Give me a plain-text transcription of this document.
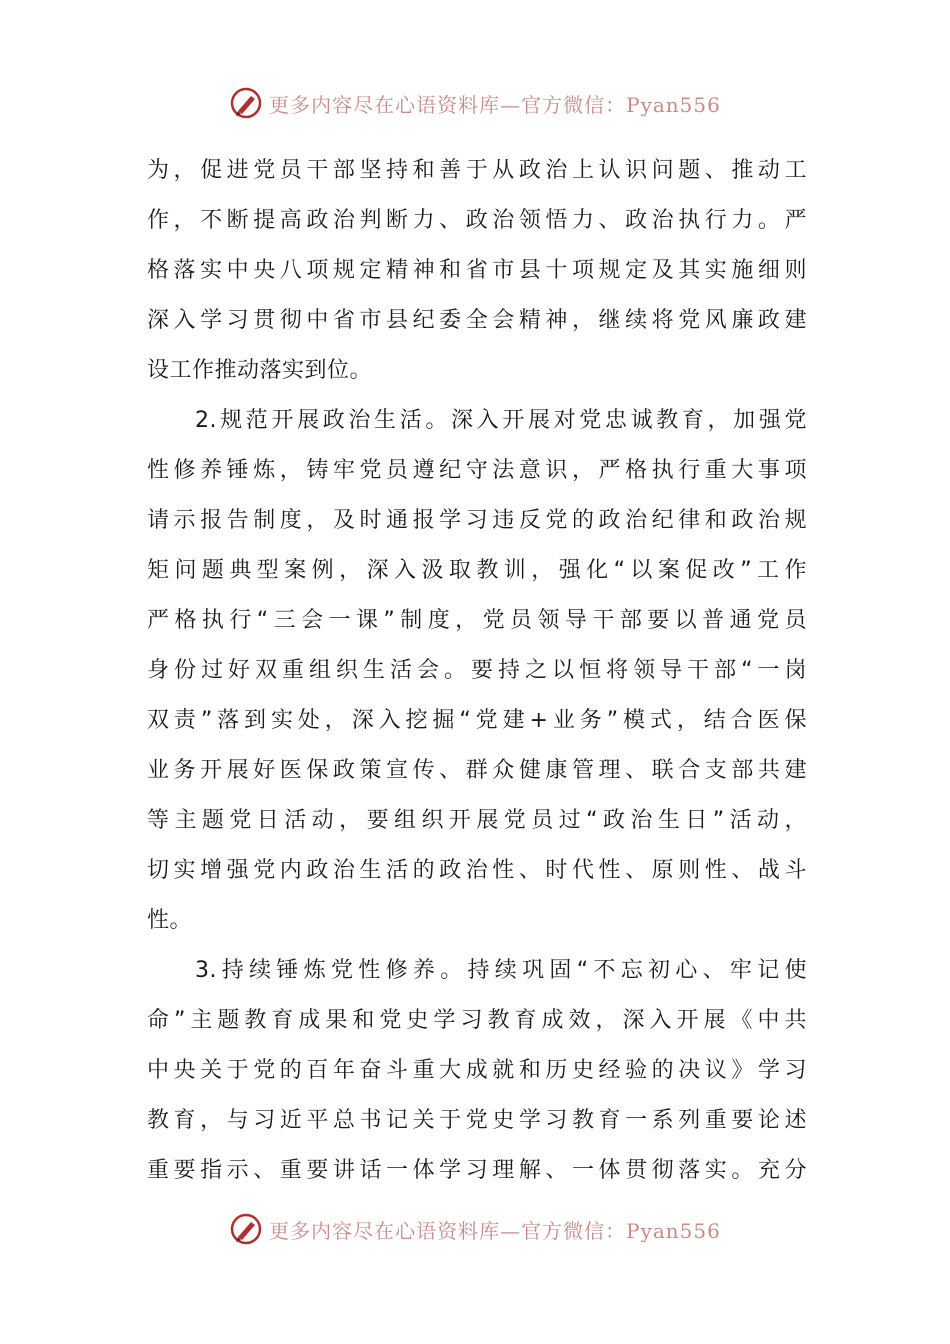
更多内容尽在心语资料库—官方微信：Pyan556
为，促进党员干部坚持和善于从政治上认识问题、推动工
作，不断提高政治判断力、政治领悟力、政治执行力。严
格落实中央八项规定精神和省市县十项规定及其实施细则
深入学习贯彻中省市县纪委全会精神，继续将党风廉政建
设工作推动落实到位。
2.规范开展政治生活。深入开展对党忠诚教育，加强党
性修养锤炼，铸牢党员遵纪守法意识，严格执行重大事项
请示报告制度，及时通报学习违反党的政治纪律和政治规
矩问题典型案例，深入汲取教训，强化“以案促改”工作
严格执行“三会一课”制度，党员领导干部要以普通党员
身份过好双重组织生活会。要持之以恒将领导干部“一岗
双责”落到实处，深入挖掘“党建+业务”模式，结合医保
业务开展好医保政策宣传、群众健康管理、联合支部共建
等主题党日活动，要组织开展党员过“政治生日”活动，
切实增强党内政治生活的政治性、时代性、原则性、战斗
性。
3.持续锤炼党性修养。持续巩固“不忘初心、牢记使
命”主题教育成果和党史学习教育成效，深入开展《中共
中央关于党的百年奋斗重大成就和历史经验的决议》学习
教育，与习近平总书记关于党史学习教育一系列重要论述
重要指示、重要讲话一体学习理解、一体贯彻落实。充分
更多内容尽在心语资料库—官方微信：Pyan556
